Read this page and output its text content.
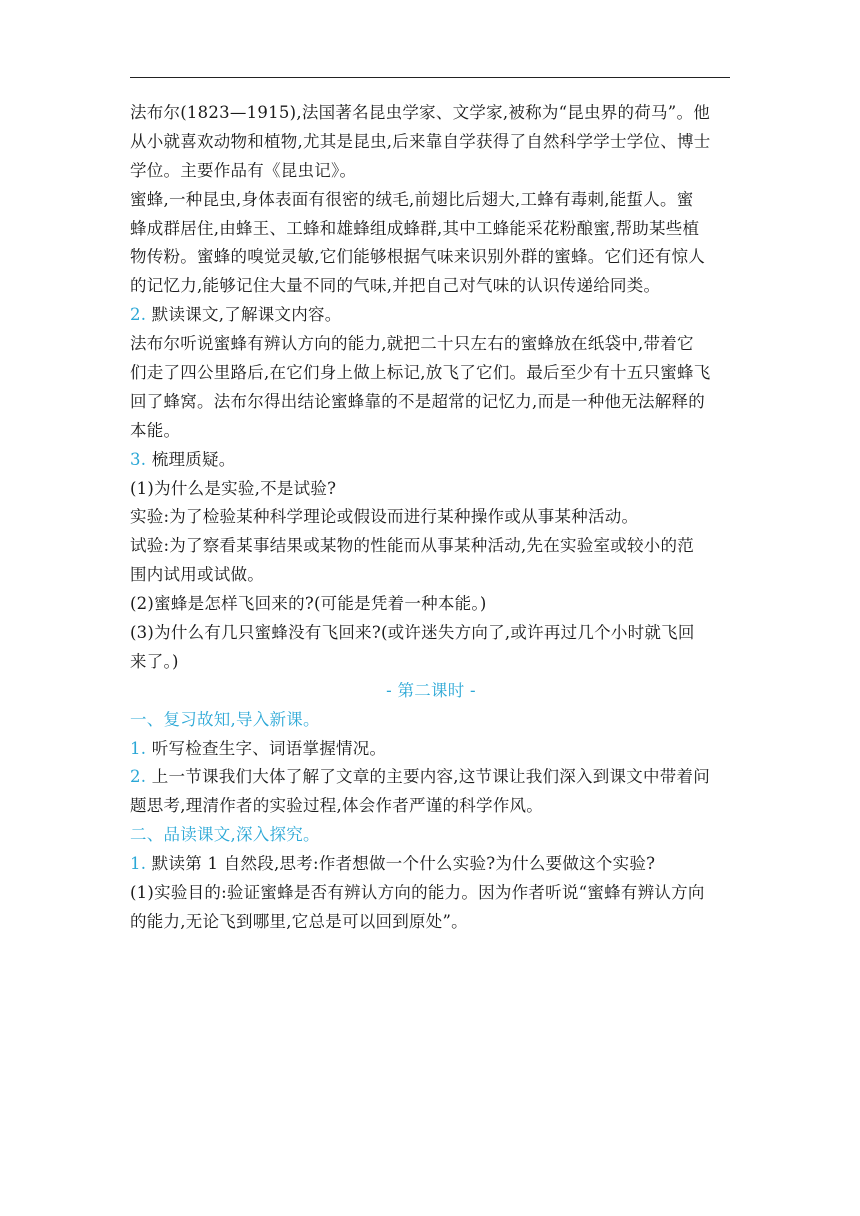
法布尔(1823—1915),法国著名昆虫学家、文学家,被称为“昆虫界的荷马”。他
从小就喜欢动物和植物,尤其是昆虫,后来靠自学获得了自然科学学士学位、博士
学位。主要作品有《昆虫记》。
蜜蜂,一种昆虫,身体表面有很密的绒毛,前翅比后翅大,工蜂有毒刺,能蜇人。蜜
蜂成群居住,由蜂王、工蜂和雄蜂组成蜂群,其中工蜂能采花粉酿蜜,帮助某些植
物传粉。蜜蜂的嗅觉灵敏,它们能够根据气味来识别外群的蜜蜂。它们还有惊人
的记忆力,能够记住大量不同的气味,并把自己对气味的认识传递给同类。
2. 默读课文,了解课文内容。
法布尔听说蜜蜂有辨认方向的能力,就把二十只左右的蜜蜂放在纸袋中,带着它
们走了四公里路后,在它们身上做上标记,放飞了它们。最后至少有十五只蜜蜂飞
回了蜂窝。法布尔得出结论蜜蜂靠的不是超常的记忆力,而是一种他无法解释的
本能。
3. 梳理质疑。
(1)为什么是实验,不是试验?
实验:为了检验某种科学理论或假设而进行某种操作或从事某种活动。
试验:为了察看某事结果或某物的性能而从事某种活动,先在实验室或较小的范
围内试用或试做。
(2)蜜蜂是怎样飞回来的?(可能是凭着一种本能。)
(3)为什么有几只蜜蜂没有飞回来?(或许迷失方向了,或许再过几个小时就飞回
来了。)
- 第二课时 -
一、复习故知,导入新课。
1. 听写检查生字、词语掌握情况。
2. 上一节课我们大体了解了文章的主要内容,这节课让我们深入到课文中带着问
题思考,理清作者的实验过程,体会作者严谨的科学作风。
二、品读课文,深入探究。
1. 默读第 1 自然段,思考:作者想做一个什么实验?为什么要做这个实验?
(1)实验目的:验证蜜蜂是否有辨认方向的能力。因为作者听说“蜜蜂有辨认方向
的能力,无论飞到哪里,它总是可以回到原处”。
